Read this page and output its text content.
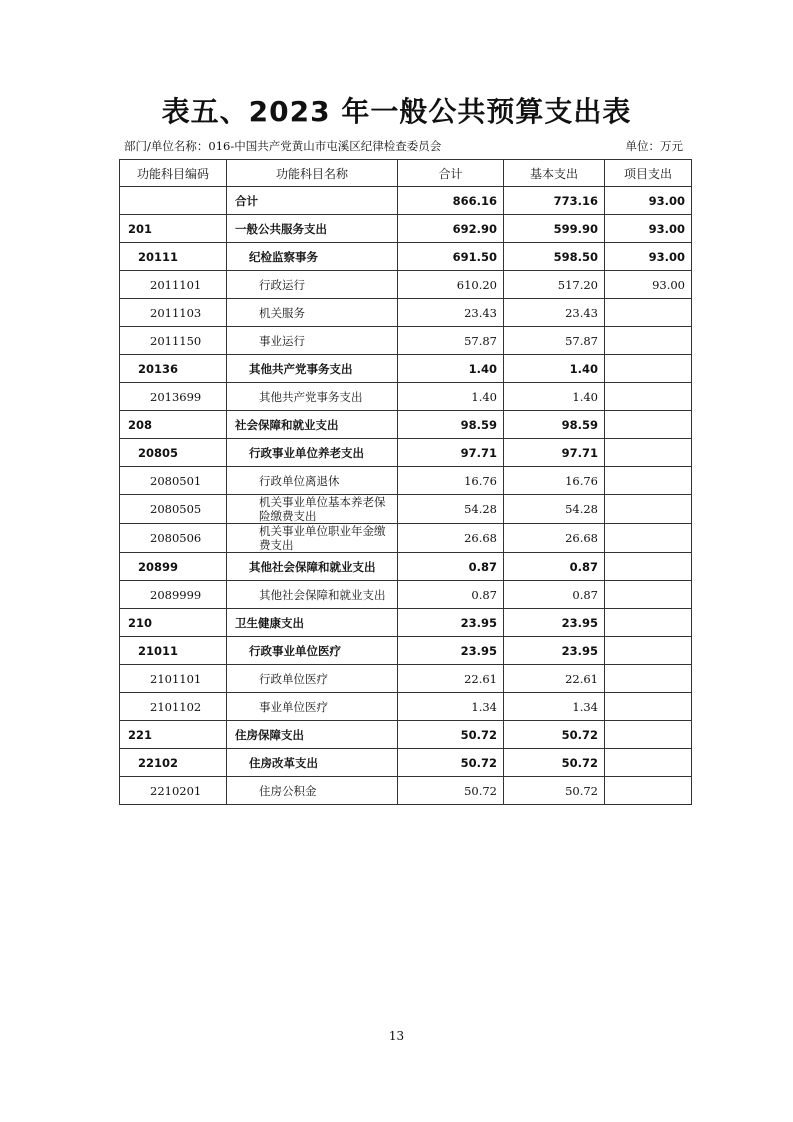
表五、2023 年一般公共预算支出表
部门/单位名称：016-中国共产党黄山市屯溪区纪律检查委员会	单位：万元
功能科目编码	功能科目名称	合计	基本支出	项目支出
	合计	866.16	773.16	93.00
201	一般公共服务支出	692.90	599.90	93.00
20111	纪检监察事务	691.50	598.50	93.00
2011101	行政运行	610.20	517.20	93.00
2011103	机关服务	23.43	23.43	
2011150	事业运行	57.87	57.87	
20136	其他共产党事务支出	1.40	1.40	
2013699	其他共产党事务支出	1.40	1.40	
208	社会保障和就业支出	98.59	98.59	
20805	行政事业单位养老支出	97.71	97.71	
2080501	行政单位离退休	16.76	16.76	
2080505	机关事业单位基本养老保险缴费支出	54.28	54.28	
2080506	机关事业单位职业年金缴费支出	26.68	26.68	
20899	其他社会保障和就业支出	0.87	0.87	
2089999	其他社会保障和就业支出	0.87	0.87	
210	卫生健康支出	23.95	23.95	
21011	行政事业单位医疗	23.95	23.95	
2101101	行政单位医疗	22.61	22.61	
2101102	事业单位医疗	1.34	1.34	
221	住房保障支出	50.72	50.72	
22102	住房改革支出	50.72	50.72	
2210201	住房公积金	50.72	50.72	
13
